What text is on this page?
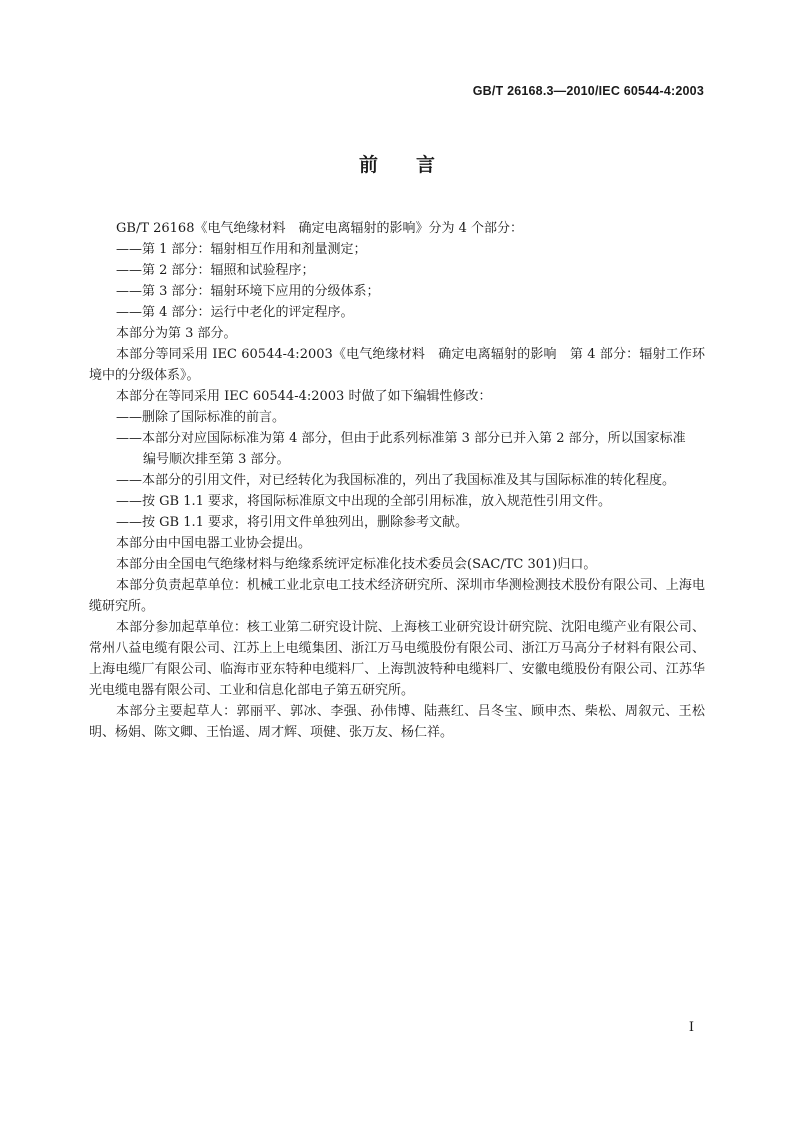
GB/T 26168.3—2010/IEC 60544-4:2003
前言

GB/T 26168《电气绝缘材料　确定电离辐射的影响》分为 4 个部分：

——第 1 部分：辐射相互作用和剂量测定；

——第 2 部分：辐照和试验程序；

——第 3 部分：辐射环境下应用的分级体系；

——第 4 部分：运行中老化的评定程序。

本部分为第 3 部分。

本部分等同采用 IEC 60544-4:2003《电气绝缘材料　确定电离辐射的影响　第 4 部分：辐射工作环境中的分级体系》。

本部分在等同采用 IEC 60544-4:2003 时做了如下编辑性修改：

——删除了国际标准的前言。

——本部分对应国际标准为第 4 部分，但由于此系列标准第 3 部分已并入第 2 部分，所以国家标准

编号顺次排至第 3 部分。

——本部分的引用文件，对已经转化为我国标准的，列出了我国标准及其与国际标准的转化程度。

——按 GB 1.1 要求，将国际标准原文中出现的全部引用标准，放入规范性引用文件。

——按 GB 1.1 要求，将引用文件单独列出，删除参考文献。

本部分由中国电器工业协会提出。

本部分由全国电气绝缘材料与绝缘系统评定标准化技术委员会(SAC/TC 301)归口。

本部分负责起草单位：机械工业北京电工技术经济研究所、深圳市华测检测技术股份有限公司、上海电缆研究所。

本部分参加起草单位：核工业第二研究设计院、上海核工业研究设计研究院、沈阳电缆产业有限公司、常州八益电缆有限公司、江苏上上电缆集团、浙江万马电缆股份有限公司、浙江万马高分子材料有限公司、上海电缆厂有限公司、临海市亚东特种电缆料厂、上海凯波特种电缆料厂、安徽电缆股份有限公司、江苏华光电缆电器有限公司、工业和信息化部电子第五研究所。

本部分主要起草人：郭丽平、郭冰、李强、孙伟博、陆燕红、吕冬宝、顾申杰、柴松、周叙元、王松明、杨娟、陈文卿、王怡遥、周才辉、项健、张万友、杨仁祥。

I
